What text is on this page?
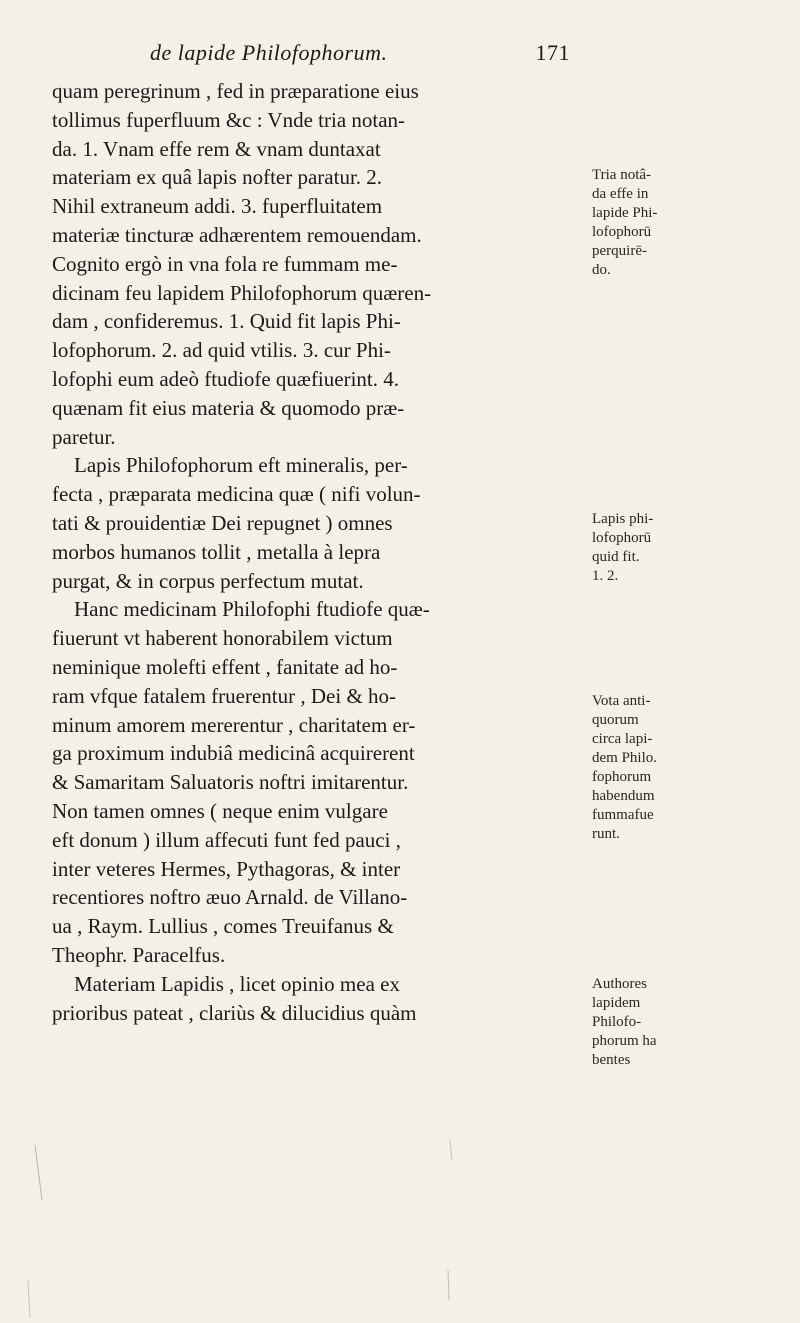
de lapide Philofophorum.	171
quam peregrinum , fed in præparatione eius
tollimus fuperfluum &c : Vnde tria notan-
da. 1. Vnam effe rem & vnam duntaxat
materiam ex quâ lapis nofter paratur. 2.
Nihil extraneum addi. 3. fuperfluitatem
materiæ tincturæ adhærentem remouendam.
Cognito ergò in vna fola re fummam me-
dicinam feu lapidem Philofophorum quæren-
dam , confideremus. 1. Quid fit lapis Phi-
lofophorum. 2. ad quid vtilis. 3. cur Phi-
lofophi eum adeò ftudiofe quæfiuerint. 4.
quænam fit eius materia & quomodo præ-
paretur.
Lapis Philofophorum eft mineralis, per-
fecta , præparata medicina quæ ( nifi volun-
tati & prouidentiæ Dei repugnet ) omnes
morbos humanos tollit , metalla à lepra
purgat, & in corpus perfectum mutat.
Hanc medicinam Philofophi ftudiofe quæ-
fiuerunt vt haberent honorabilem victum
neminique molefti effent , fanitate ad ho-
ram vfque fatalem fruerentur , Dei & ho-
minum amorem mererentur , charitatem er-
ga proximum indubiâ medicinâ acquirerent
& Samaritam Saluatoris noftri imitarentur.
Non tamen omnes ( neque enim vulgare
eft donum ) illum affecuti funt fed pauci ,
inter veteres Hermes, Pythagoras, & inter
recentiores noftro æuo Arnald. de Villano-
ua , Raym. Lullius , comes Treuifanus &
Theophr. Paracelfus.
Materiam Lapidis , licet opinio mea ex
prioribus pateat , clariùs & dilucidius quàm
Tria notâ-
da effe in
lapide Phi-
lofophorū
perquirē-
do.
Lapis phi-
lofophorū
quid fit.
1. 2.
Vota anti-
quorum
circa lapi-
dem Philo.
fophorum
habendum
fummafue
runt.
Authores
lapidem
Philofo-
phorum ha
bentes
